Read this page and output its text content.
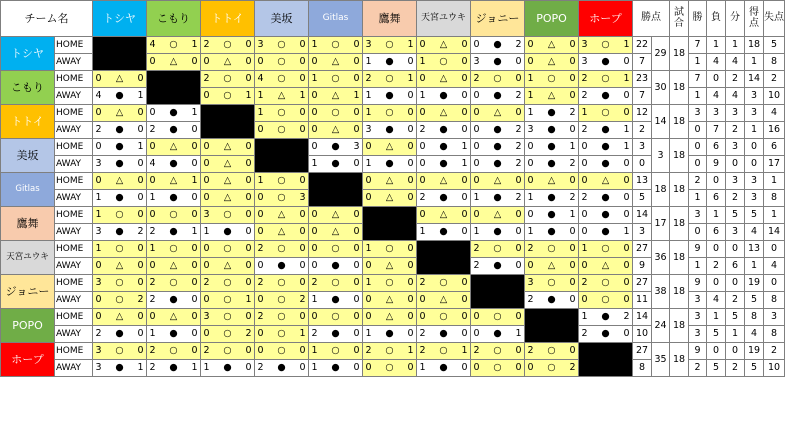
チーム名		トシヤ	こもり	トトイ	美坂	Gitlas	鷹舞	天宮ユウキ	ジョニー	POPO	ホープ	勝点		試合	勝	負	分	得点	失点
トシヤ	HOME		4 ○ 1	2 ○ 0	3 ○ 0	1 ○ 0	3 ○ 1	0 △ 0	0 ● 2	0 △ 0	3 ○ 1	22	29	18	7	1	1	18	5
	AWAY		0 △ 0	0 △ 0	0 ○ 0	0 △ 0	1 ● 0	1 ○ 0	3 ● 0	0 △ 0	3 ● 0	7			1	4	4	1	8
こもり	HOME	0 △ 0		2 ○ 0	4 ○ 0	1 ○ 0	2 ○ 1	0 △ 0	2 ○ 0	1 ○ 0	2 ○ 1	23	30	18	7	0	2	14	2
	AWAY	4 ● 1		0 ○ 1	1 △ 1	0 △ 1	1 ● 0	1 ● 0	0 ● 2	1 △ 0	2 ● 0	7			1	4	4	3	10
トトイ	HOME	0 △ 0	0 ● 1		1 ○ 0	0 ○ 0	1 ○ 0	0 △ 0	0 △ 0	1 ● 2	1 ○ 0	12	14	18	3	3	3	3	4
	AWAY	2 ● 0	2 ● 0		0 ○ 0	0 △ 0	3 ● 0	2 ● 0	0 ● 2	3 ● 0	2 ● 1	2			0	7	2	1	16
美坂	HOME	0 ● 1	0 △ 0	0 △ 0		0 ● 3	0 △ 0	0 ● 1	0 ● 2	0 ● 1	0 ● 1	3	3	18	0	6	3	0	6
	AWAY	3 ● 0	4 ● 0	0 △ 0		1 ● 0	1 ● 0	0 ● 1	0 ● 2	0 ● 2	0 ● 0	0			0	9	0	0	17
Gitlas	HOME	0 △ 0	0 △ 1	0 △ 0	1 ○ 0		0 △ 0	0 △ 0	0 △ 0	0 △ 0	0 △ 0	13	18	18	2	0	3	3	1
	AWAY	1 ● 0	1 ● 0	0 △ 0	0 ○ 3		0 △ 0	2 ● 0	1 ● 2	1 ● 2	2 ● 0	5			1	6	2	3	8
鷹舞	HOME	1 ○ 0	0 ○ 0	3 ○ 0	0 △ 0	0 △ 0		0 △ 0	0 △ 0	0 ● 1	0 ● 0	14	17	18	3	1	5	5	1
	AWAY	3 ● 2	2 ● 1	1 ● 0	0 △ 0	0 △ 0		1 ● 0	1 ● 0	1 ● 0	0 ● 1	3			0	6	3	4	14
天宮ユウキ	HOME	1 ○ 0	1 ○ 0	0 ○ 0	2 ○ 0	0 ○ 0	1 ○ 0		2 ○ 0	2 ○ 0	1 ○ 0	27	36	18	9	0	0	13	0
	AWAY	0 △ 0	0 △ 0	0 △ 0	0 ● 0	0 ● 0	0 △ 0		2 ● 0	0 △ 0	0 △ 0	9			1	2	6	1	4
ジョニー	HOME	3 ○ 0	2 ○ 0	2 ○ 0	2 ○ 0	2 ○ 0	1 ○ 0	2 ○ 0		3 ○ 0	2 ○ 0	27	38	18	9	0	0	19	0
	AWAY	0 ○ 2	2 ● 0	0 ○ 1	0 ○ 2	1 ● 0	0 △ 0	0 △ 0		2 ● 0	0 ○ 0	11			3	4	2	5	8
POPO	HOME	0 △ 0	0 △ 0	3 ○ 0	2 ○ 0	0 ○ 0	0 △ 0	0 ○ 0	0 ○ 0		1 ● 2	14	24	18	3	1	5	8	3
	AWAY	2 ● 0	1 ● 0	0 ○ 2	0 ○ 1	2 ● 0	1 ● 0	2 ● 0	0 ● 1		2 ● 0	10			3	5	1	4	8
ホープ	HOME	3 ○ 0	2 ○ 0	2 ○ 0	0 ○ 0	1 ○ 0	2 ○ 1	2 ○ 1	2 ○ 0	2 ○ 0		27	35	18	9	0	0	19	2
	AWAY	3 ● 1	2 ● 1	1 ● 0	2 ● 0	1 ● 0	0 ○ 0	1 ● 0	0 ○ 0	0 ○ 2		8			2	5	2	5	10
